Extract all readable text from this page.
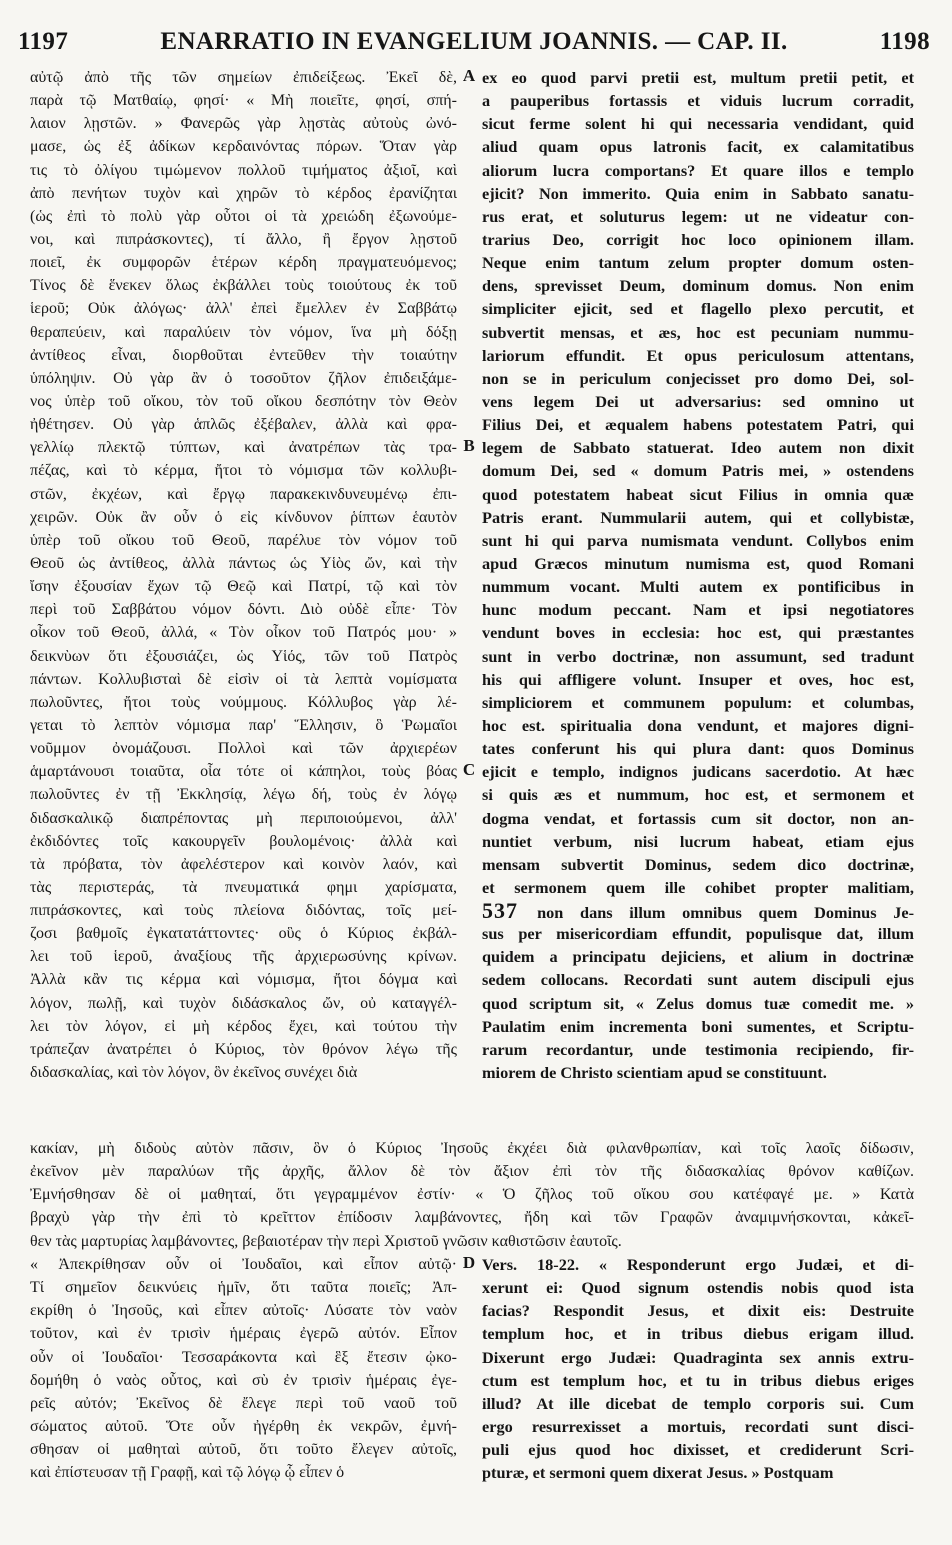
1197	ENARRATIO IN EVANGELIUM JOANNIS. — CAP. II.	1198
αὐτῷ ἀπὸ τῆς τῶν σημείων ἐπιδείξεως. Ἐκεῖ δὲ,
παρὰ τῷ Ματθαίῳ, φησί· « Μὴ ποιεῖτε, φησί, σπή-
λαιον λῃστῶν. » Φανερῶς γὰρ λῃστὰς αὐτοὺς ὠνό-
μασε, ὡς ἐξ ἀδίκων κερδαινόντας πόρων. Ὅταν γὰρ
τις τὸ ὀλίγου τιμώμενον πολλοῦ τιμήματος ἀξιοῖ, καὶ
ἀπὸ πενήτων τυχὸν καὶ χηρῶν τὸ κέρδος ἐρανίζηται
(ὡς ἐπὶ τὸ πολὺ γὰρ οὗτοι οἱ τὰ χρειώδη ἐξωνούμε-
νοι, καὶ πιπράσκοντες), τί ἄλλο, ἢ ἔργον λῃστοῦ
ποιεῖ, ἐκ συμφορῶν ἑτέρων κέρδη πραγματευόμενος;
Τίνος δὲ ἕνεκεν ὅλως ἐκβάλλει τοὺς τοιούτους ἐκ τοῦ
ἱεροῦ; Οὐκ ἀλόγως· ἀλλ' ἐπεὶ ἔμελλεν ἐν Σαββάτῳ
θεραπεύειν, καὶ παραλύειν τὸν νόμον, ἵνα μὴ δόξῃ
ἀντίθεος εἶναι, διορθοῦται ἐντεῦθεν τὴν τοιαύτην
ὑπόληψιν. Οὐ γὰρ ἂν ὁ τοσοῦτον ζῆλον ἐπιδειξάμε-
νος ὑπὲρ τοῦ οἴκου, τὸν τοῦ οἴκου δεσπότην τὸν Θεὸν
ἠθέτησεν. Οὐ γὰρ ἁπλῶς ἐξέβαλεν, ἀλλὰ καὶ φρα-
γελλίῳ πλεκτῷ τύπτων, καὶ ἀνατρέπων τὰς τρα-
πέζας, καὶ τὸ κέρμα, ἤτοι τὸ νόμισμα τῶν κολλυβι-
στῶν, ἐκχέων, καὶ ἔργῳ παρακεκινδυνευμένῳ ἐπι-
χειρῶν. Οὐκ ἂν οὖν ὁ εἰς κίνδυνον ῥίπτων ἑαυτὸν
ὑπὲρ τοῦ οἴκου τοῦ Θεοῦ, παρέλυε τὸν νόμον τοῦ
Θεοῦ ὡς ἀντίθεος, ἀλλὰ πάντως ὡς Υἱὸς ὤν, καὶ τὴν
ἴσην ἐξουσίαν ἔχων τῷ Θεῷ καὶ Πατρί, τῷ καὶ τὸν
περὶ τοῦ Σαββάτου νόμον δόντι. Διὸ οὐδὲ εἶπε· Τὸν
οἶκον τοῦ Θεοῦ, ἀλλά, « Τὸν οἶκον τοῦ Πατρός μου· »
δεικνὺων ὅτι ἐξουσιάζει, ὡς Υἱός, τῶν τοῦ Πατρὸς
πάντων. Κολλυβισταὶ δὲ εἰσὶν οἱ τὰ λεπτὰ νομίσματα
πωλοῦντες, ἤτοι τοὺς νούμμους. Κόλλυβος γὰρ λέ-
γεται τὸ λεπτὸν νόμισμα παρ' Ἕλλησιν, ὃ Ῥωμαῖοι
νοῦμμον ὀνομάζουσι. Πολλοὶ καὶ τῶν ἀρχιερέων
ἁμαρτάνουσι τοιαῦτα, οἷα τότε οἱ κάπηλοι, τοὺς βόας
πωλοῦντες ἐν τῇ Ἐκκλησίᾳ, λέγω δή, τοὺς ἐν λόγῳ
διδασκαλικῷ διαπρέποντας μὴ περιποιούμενοι, ἀλλ'
ἐκδιδόντες τοῖς κακουργεῖν βουλομένοις· ἀλλὰ καὶ
τὰ πρόβατα, τὸν ἀφελέστερον καὶ κοινὸν λαόν, καὶ
τὰς περιστεράς, τὰ πνευματικά φημι χαρίσματα,
πιπράσκοντες, καὶ τοὺς πλείονα διδόντας, τοῖς μεί-
ζοσι βαθμοῖς ἐγκατατάττοντες· οὓς ὁ Κύριος ἐκβάλ-
λει τοῦ ἱεροῦ, ἀναξίους τῆς ἀρχιερωσύνης κρίνων.
Ἀλλὰ κἂν τις κέρμα καὶ νόμισμα, ἤτοι δόγμα καὶ
λόγον, πωλῇ, καὶ τυχὸν διδάσκαλος ὤν, οὐ καταγγέλ-
λει τὸν λόγον, εἰ μὴ κέρδος ἔχει, καὶ τούτου τὴν
τράπεζαν ἀνατρέπει ὁ Κύριος, τὸν θρόνον λέγω τῆς
διδασκαλίας, καὶ τὸν λόγον, ὃν ἐκεῖνος συνέχει διὰ
ex eo quod parvi pretii est, multum pretii petit, et
a pauperibus fortassis et viduis lucrum corradit,
sicut ferme solent hi qui necessaria vendidant, quid
aliud quam opus latronis facit, ex calamitatibus
aliorum lucra comportans? Et quare illos e templo
ejicit? Non immerito. Quia enim in Sabbato sanatu-
rus erat, et soluturus legem: ut ne videatur con-
trarius Deo, corrigit hoc loco opinionem illam.
Neque enim tantum zelum propter domum osten-
dens, sprevisset Deum, dominum domus. Non enim
simpliciter ejicit, sed et flagello plexo percutit, et
subvertit mensas, et æs, hoc est pecuniam nummu-
lariorum effundit. Et opus periculosum attentans,
non se in periculum conjecisset pro domo Dei, sol-
vens legem Dei ut adversarius: sed omnino ut
Filius Dei, et æqualem habens potestatem Patri, qui
legem de Sabbato statuerat. Ideo autem non dixit
domum Dei, sed « domum Patris mei, » ostendens
quod potestatem habeat sicut Filius in omnia quæ
Patris erant. Nummularii autem, qui et collybistæ,
sunt hi qui parva numismata vendunt. Collybos enim
apud Græcos minutum numisma est, quod Romani
nummum vocant. Multi autem ex pontificibus in
hunc modum peccant. Nam et ipsi negotiatores
vendunt boves in ecclesia: hoc est, qui præstantes
sunt in verbo doctrinæ, non assumunt, sed tradunt
his qui affligere volunt. Insuper et oves, hoc est,
simpliciorem et communem populum: et columbas,
hoc est. spiritualia dona vendunt, et majores digni-
tates conferunt his qui plura dant: quos Dominus
ejicit e templo, indignos judicans sacerdotio. At hæc
si quis æs et nummum, hoc est, et sermonem et
dogma vendat, et fortassis cum sit doctor, non an-
nuntiet verbum, nisi lucrum habeat, etiam ejus
mensam subvertit Dominus, sedem dico doctrinæ,
et sermonem quem ille cohibet propter malitiam,
537 non dans illum omnibus quem Dominus Je-
sus per misericordiam effundit, populisque dat, illum
quidem a principatu dejiciens, et alium in doctrinæ
sedem collocans. Recordati sunt autem discipuli ejus
quod scriptum sit, « Zelus domus tuæ comedit me. »
Paulatim enim incrementa boni sumentes, et Scriptu-
rarum recordantur, unde testimonia recipiendo, fir-
miorem de Christo scientiam apud se constituunt.
κακίαν, μὴ διδοὺς αὐτὸν πᾶσιν, ὃν ὁ Κύριος Ἰησοῦς ἐκχέει διὰ φιλανθρωπίαν, καὶ τοῖς λαοῖς δίδωσιν,
ἐκεῖνον μὲν παραλύων τῆς ἀρχῆς, ἄλλον δὲ τὸν ἄξιον ἐπὶ τὸν τῆς διδασκαλίας θρόνον καθίζων.
Ἐμνήσθησαν δὲ οἱ μαθηταί, ὅτι γεγραμμένον ἐστίν· « Ὁ ζῆλος τοῦ οἴκου σου κατέφαγέ με. » Κατὰ
βραχὺ γὰρ τὴν ἐπὶ τὸ κρεῖττον ἐπίδοσιν λαμβάνοντες, ἤδη καὶ τῶν Γραφῶν ἀναμιμνήσκονται, κἀκεῖ-
θεν τὰς μαρτυρίας λαμβάνοντες, βεβαιοτέραν τὴν περὶ Χριστοῦ γνῶσιν καθιστῶσιν ἑαυτοῖς.
« Ἀπεκρίθησαν οὖν οἱ Ἰουδαῖοι, καὶ εἶπον αὐτῷ·
Τί σημεῖον δεικνύεις ἡμῖν, ὅτι ταῦτα ποιεῖς; Ἀπ-
εκρίθη ὁ Ἰησοῦς, καὶ εἶπεν αὐτοῖς· Λύσατε τὸν ναὸν
τοῦτον, καὶ ἐν τρισὶν ἡμέραις ἐγερῶ αὐτόν. Εἶπον
οὖν οἱ Ἰουδαῖοι· Τεσσαράκοντα καὶ ἓξ ἔτεσιν ᾠκο-
δομήθη ὁ ναὸς οὗτος, καὶ σὺ ἐν τρισὶν ἡμέραις ἐγε-
ρεῖς αὐτόν; Ἐκεῖνος δὲ ἔλεγε περὶ τοῦ ναοῦ τοῦ
σώματος αὐτοῦ. Ὅτε οὖν ἠγέρθη ἐκ νεκρῶν, ἐμνή-
σθησαν οἱ μαθηταὶ αὐτοῦ, ὅτι τοῦτο ἔλεγεν αὐτοῖς,
καὶ ἐπίστευσαν τῇ Γραφῇ, καὶ τῷ λόγῳ ᾧ εἶπεν ὁ
Vers. 18-22. « Responderunt ergo Judæi, et di-
xerunt ei: Quod signum ostendis nobis quod ista
facias? Respondit Jesus, et dixit eis: Destruite
templum hoc, et in tribus diebus erigam illud.
Dixerunt ergo Judæi: Quadraginta sex annis extru-
ctum est templum hoc, et tu in tribus diebus eriges
illud? At ille dicebat de templo corporis sui. Cum
ergo resurrexisset a mortuis, recordati sunt disci-
puli ejus quod hoc dixisset, et crediderunt Scri-
pturæ, et sermoni quem dixerat Jesus. » Postquam
A
B
C
D
